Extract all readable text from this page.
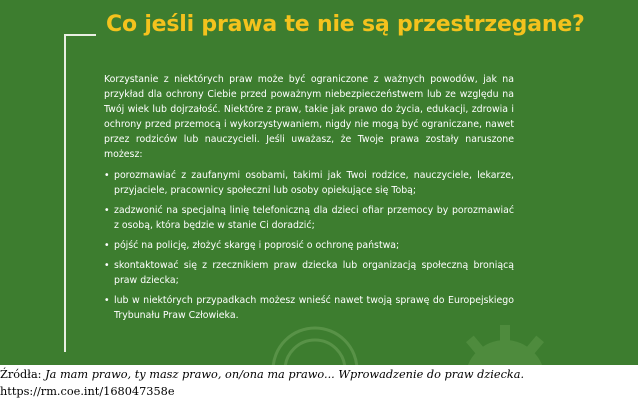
Co jeśli prawa te nie są przestrzegane?

Korzystanie z niektórych praw może być ograniczone z ważnych powodów, jak na przykład dla ochrony Ciebie przed poważnym niebezpieczeństwem lub ze względu na Twój wiek lub dojrzałość. Niektóre z praw, takie jak prawo do życia, edukacji, zdrowia i ochrony przed przemocą i wykorzystywaniem, nigdy nie mogą być ograniczane, nawet przez rodziców lub nauczycieli. Jeśli uważasz, że Twoje prawa zostały naruszone możesz:

• porozmawiać z zaufanymi osobami, takimi jak Twoi rodzice, nauczyciele, lekarze, przyjaciele, pracownicy społeczni lub osoby opiekujące się Tobą;
• zadzwonić na specjalną linię telefoniczną dla dzieci ofiar przemocy by porozmawiać z osobą, która będzie w stanie Ci doradzić;
• pójść na policję, złożyć skargę i poprosić o ochronę państwa;
• skontaktować się z rzecznikiem praw dziecka lub organizacją społeczną broniącą praw dziecka;
• lub w niektórych przypadkach możesz wnieść nawet twoją sprawę do Europejskiego Trybunału Praw Człowieka.
Źródła: Ja mam prawo, ty masz prawo, on/ona ma prawo... Wprowadzenie do praw dziecka.
https://rm.coe.int/168047358e
